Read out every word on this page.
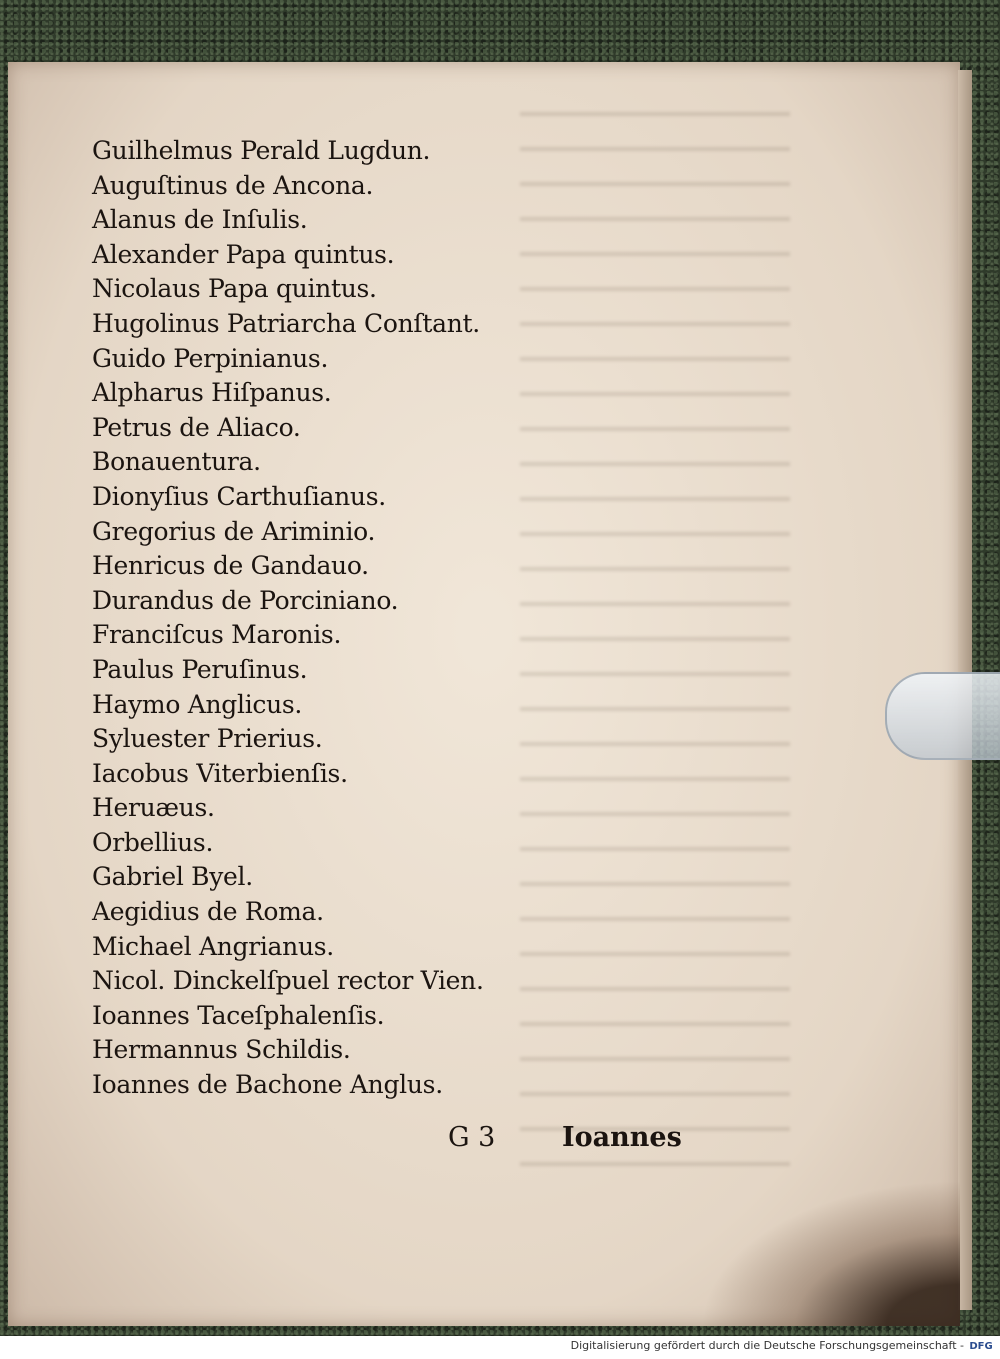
Guilhelmus Perald Lugdun.
Auguſtinus de Ancona.
Alanus de Inſulis.
Alexander Papa quintus.
Nicolaus Papa quintus.
Hugolinus Patriarcha Conſtant.
Guido Perpinianus.
Alpharus Hiſpanus.
Petrus de Aliaco.
Bonauentura.
Dionyſius Carthuſianus.
Gregorius de Ariminio.
Henricus de Gandauo.
Durandus de Porciniano.
Franciſcus Maronis.
Paulus Peruſinus.
Haymo Anglicus.
Syluester Prierius.
Iacobus Viterbienſis.
Heruæus.
Orbellius.
Gabriel Byel.
Aegidius de Roma.
Michael Angrianus.
Nicol. Dinckelſpuel rector Vien.
Ioannes Taceſphalenſis.
Hermannus Schildis.
Ioannes de Bachone Anglus.
G 3 Ioannes
Digitalisierung gefördert durch die Deutsche Forschungsgemeinschaft - DFG
